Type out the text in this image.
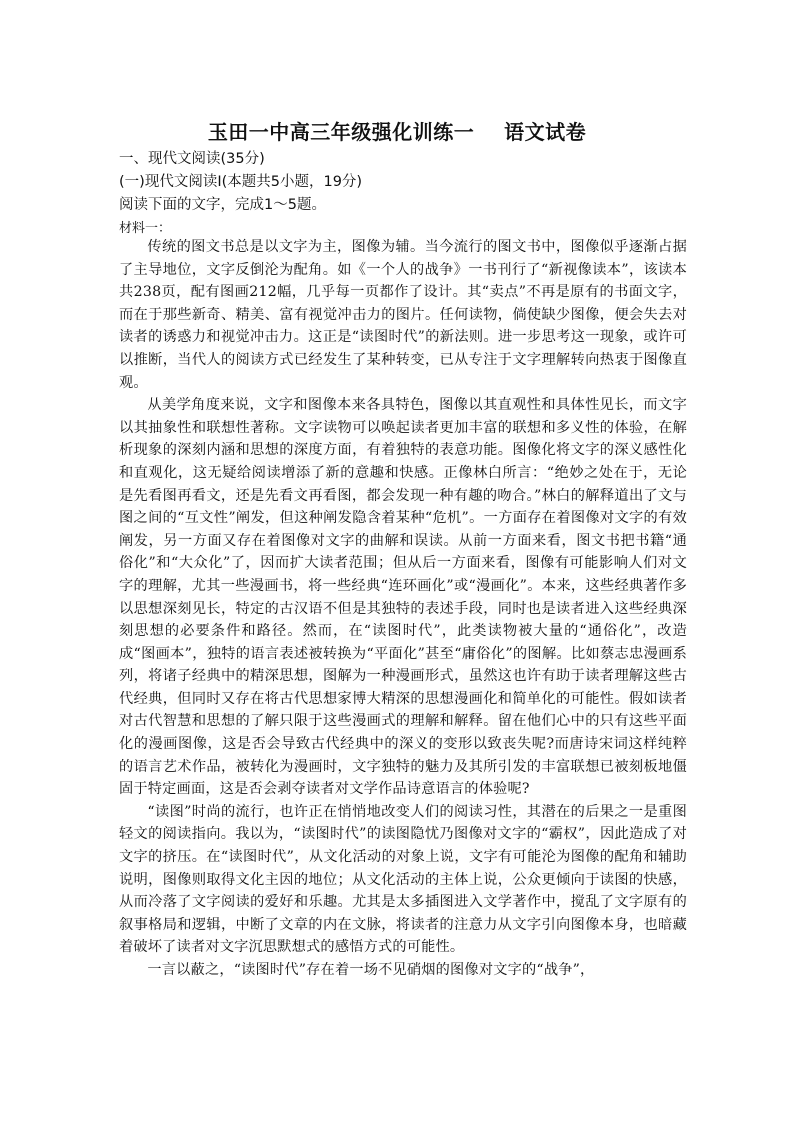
玉田一中高三年级强化训练一    语文试卷
一、现代文阅读(35分)
(一)现代文阅读Ⅰ(本题共5小题，19分)
阅读下面的文字，完成1～5题。
材料一：

传统的图文书总是以文字为主，图像为辅。当今流行的图文书中，图像似乎逐渐占据了主导地位，文字反倒沦为配角。如《一个人的战争》一书刊行了“新视像读本”，该读本共238页，配有图画212幅，几乎每一页都作了设计。其“卖点”不再是原有的书面文字，而在于那些新奇、精美、富有视觉冲击力的图片。任何读物，倘使缺少图像，便会失去对读者的诱惑力和视觉冲击力。这正是“读图时代”的新法则。进一步思考这一现象，或许可以推断，当代人的阅读方式已经发生了某种转变，已从专注于文字理解转向热衷于图像直观。

从美学角度来说，文字和图像本来各具特色，图像以其直观性和具体性见长，而文字以其抽象性和联想性著称。文字读物可以唤起读者更加丰富的联想和多义性的体验，在解析现象的深刻内涵和思想的深度方面，有着独特的表意功能。图像化将文字的深义感性化和直观化，这无疑给阅读增添了新的意趣和快感。正像林白所言：“绝妙之处在于，无论是先看图再看文，还是先看文再看图，都会发现一种有趣的吻合。”林白的解释道出了文与图之间的“互文性”阐发，但这种阐发隐含着某种“危机”。一方面存在着图像对文字的有效阐发，另一方面又存在着图像对文字的曲解和误读。从前一方面来看，图文书把书籍“通俗化”和“大众化”了，因而扩大读者范围；但从后一方面来看，图像有可能影响人们对文字的理解，尤其一些漫画书，将一些经典“连环画化”或“漫画化”。本来，这些经典著作多以思想深刻见长，特定的古汉语不但是其独特的表述手段，同时也是读者进入这些经典深刻思想的必要条件和路径。然而，在“读图时代”，此类读物被大量的“通俗化”，改造成“图画本”，独特的语言表述被转换为“平面化”甚至“庸俗化”的图解。比如蔡志忠漫画系列，将诸子经典中的精深思想，图解为一种漫画形式，虽然这也许有助于读者理解这些古代经典，但同时又存在将古代思想家博大精深的思想漫画化和简单化的可能性。假如读者对古代智慧和思想的了解只限于这些漫画式的理解和解释。留在他们心中的只有这些平面化的漫画图像，这是否会导致古代经典中的深义的变形以致丧失呢?而唐诗宋词这样纯粹的语言艺术作品，被转化为漫画时，文字独特的魅力及其所引发的丰富联想已被刻板地僵固于特定画面，这是否会剥夺读者对文学作品诗意语言的体验呢?

“读图”时尚的流行，也许正在悄悄地改变人们的阅读习性，其潜在的后果之一是重图轻文的阅读指向。我以为，“读图时代”的读图隐忧乃图像对文字的“霸权”，因此造成了对文字的挤压。在“读图时代”，从文化活动的对象上说，文字有可能沦为图像的配角和辅助说明，图像则取得文化主因的地位；从文化活动的主体上说，公众更倾向于读图的快感，从而冷落了文字阅读的爱好和乐趣。尤其是太多插图进入文学著作中，搅乱了文字原有的叙事格局和逻辑，中断了文章的内在文脉，将读者的注意力从文字引向图像本身，也暗藏着破坏了读者对文字沉思默想式的感悟方式的可能性。

一言以蔽之，“读图时代”存在着一场不见硝烟的图像对文字的“战争”，
